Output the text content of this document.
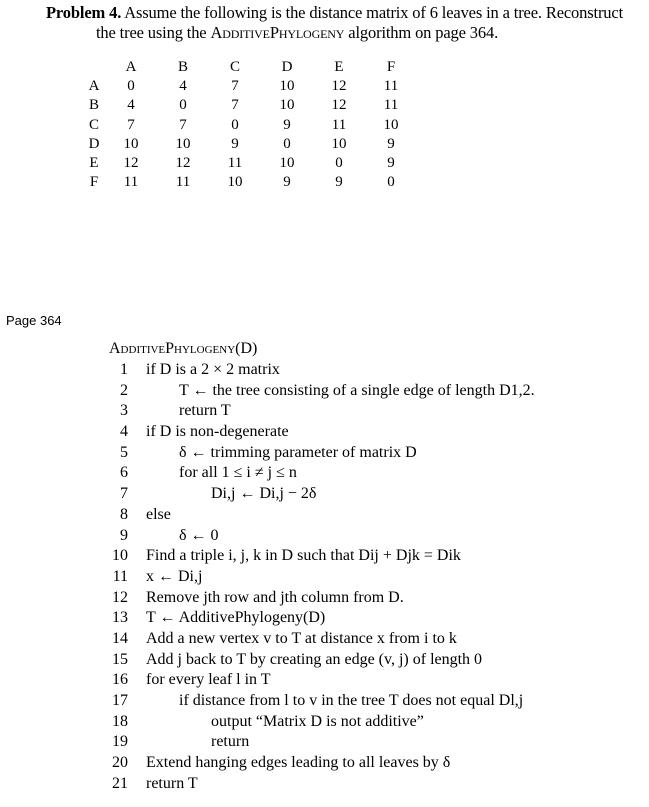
Problem 4. Assume the following is the distance matrix of 6 leaves in a tree. Reconstruct
the tree using the AdditivePhylogeny algorithm on page 364.
	A	B	C	D	E	F
A	0	4	7	10	12	11
B	4	0	7	10	12	11
C	7	7	0	9	11	10
D	10	10	9	0	10	9
E	12	12	11	10	0	9
F	11	11	10	9	9	0
Page 364
AdditivePhylogeny(D)
1 if D is a 2 × 2 matrix
2	T ← the tree consisting of a single edge of length D1,2.
3	return T
4 if D is non-degenerate
5	δ ← trimming parameter of matrix D
6	for all 1 ≤ i ≠ j ≤ n
7	Di,j ← Di,j − 2δ
8 else
9	δ ← 0
10 Find a triple i, j, k in D such that Dij + Djk = Dik
11 x ← Di,j
12 Remove jth row and jth column from D.
13 T ← AdditivePhylogeny(D)
14 Add a new vertex v to T at distance x from i to k
15 Add j back to T by creating an edge (v, j) of length 0
16 for every leaf l in T
17	if distance from l to v in the tree T does not equal Dl,j
18	output “Matrix D is not additive”
19	return
20 Extend hanging edges leading to all leaves by δ
21 return T
